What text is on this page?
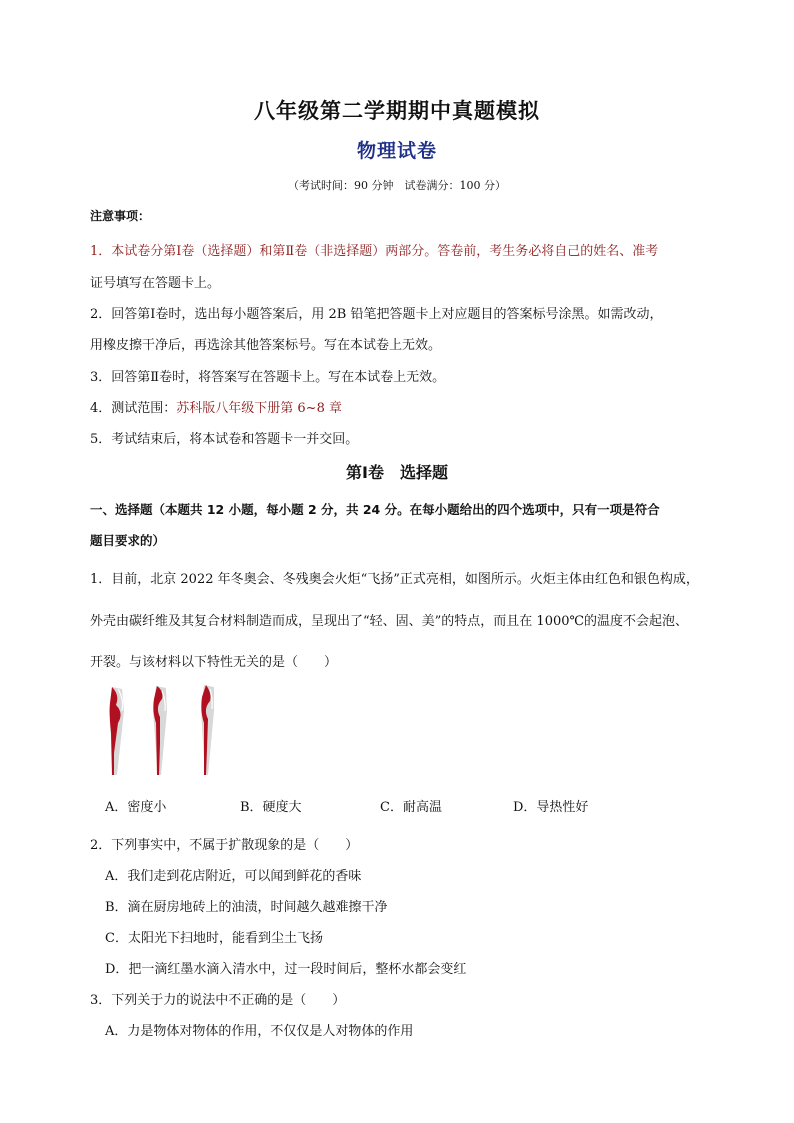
八年级第二学期期中真题模拟
物理试卷
（考试时间：90 分钟　试卷满分：100 分）
注意事项：
1．本试卷分第Ⅰ卷（选择题）和第Ⅱ卷（非选择题）两部分。答卷前，考生务必将自己的姓名、准考
证号填写在答题卡上。
2．回答第Ⅰ卷时，选出每小题答案后，用 2B 铅笔把答题卡上对应题目的答案标号涂黑。如需改动，
用橡皮擦干净后，再选涂其他答案标号。写在本试卷上无效。
3．回答第Ⅱ卷时，将答案写在答题卡上。写在本试卷上无效。
4．测试范围：苏科版八年级下册第 6~8 章
5．考试结束后，将本试卷和答题卡一并交回。
第Ⅰ卷　选择题
一、选择题（本题共 12 小题，每小题 2 分，共 24 分。在每小题给出的四个选项中，只有一项是符合
题目要求的）
1．目前，北京 2022 年冬奥会、冬残奥会火炬“飞扬”正式亮相，如图所示。火炬主体由红色和银色构成，
外壳由碳纤维及其复合材料制造而成，呈现出了“轻、固、美”的特点，而且在 1000℃的温度不会起泡、
开裂。与该材料以下特性无关的是（　　）
A．密度小	B．硬度大	C．耐高温	D．导热性好
2．下列事实中，不属于扩散现象的是（　　）
A．我们走到花店附近，可以闻到鲜花的香味
B．滴在厨房地砖上的油渍，时间越久越难擦干净
C．太阳光下扫地时，能看到尘土飞扬
D．把一滴红墨水滴入清水中，过一段时间后，整杯水都会变红
3．下列关于力的说法中不正确的是（　　）
A．力是物体对物体的作用，不仅仅是人对物体的作用
